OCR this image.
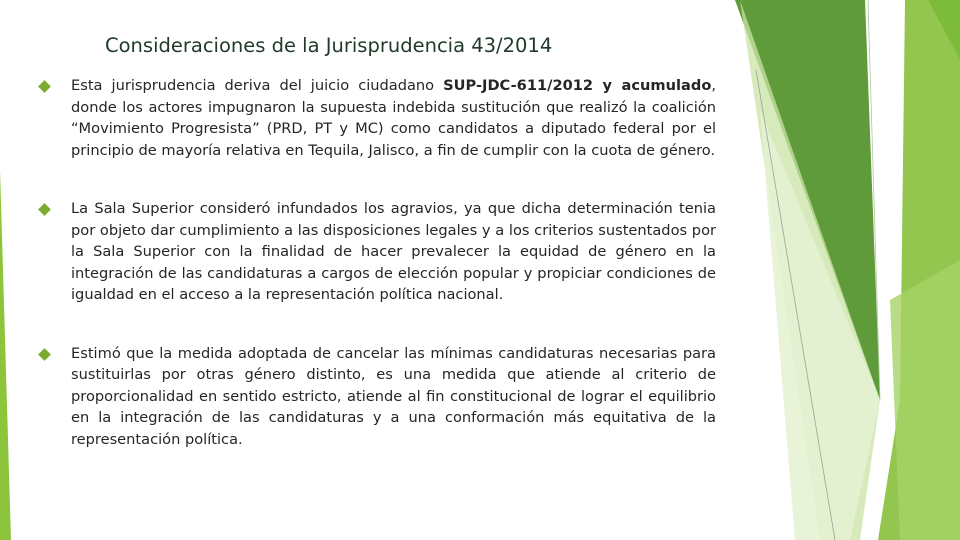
Consideraciones de la Jurisprudencia 43/2014
Esta jurisprudencia deriva del juicio ciudadano SUP-JDC-611/2012 y acumulado, donde los actores impugnaron la supuesta indebida sustitución que realizó la coalición “Movimiento Progresista” (PRD, PT y MC) como candidatos a diputado federal por el principio de mayoría relativa en Tequila, Jalisco, a fin de cumplir con la cuota de género.
La Sala Superior consideró infundados los agravios, ya que dicha determinación tenia por objeto dar cumplimiento a las disposiciones legales y a los criterios sustentados por la Sala Superior con la finalidad de hacer prevalecer la equidad de género en la integración de las candidaturas a cargos de elección popular y propiciar condiciones de igualdad en el acceso a la representación política nacional.
Estimó que la medida adoptada de cancelar las mínimas candidaturas necesarias para sustituirlas por otras género distinto, es una medida que atiende al criterio de proporcionalidad en sentido estricto, atiende al fin constitucional de lograr el equilibrio en la integración de las candidaturas y a una conformación más equitativa de la representación política.
